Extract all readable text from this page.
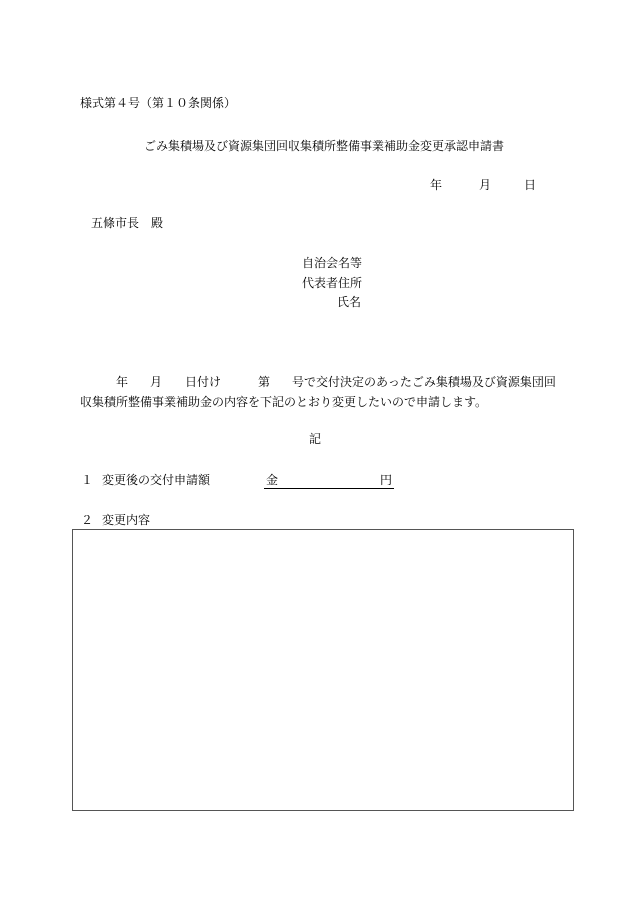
様式第４号（第１０条関係）
ごみ集積場及び資源集団回収集積所整備事業補助金変更承認申請書
年	月	日
五條市長　殿
自治会名等
代表者住所
氏名
年 月 日付け	第 号で交付決定のあったごみ集積場及び資源集団回
収集積所整備事業補助金の内容を下記のとおり変更したいので申請します。
記
１ 変更後の交付申請額	金	円
２ 変更内容
